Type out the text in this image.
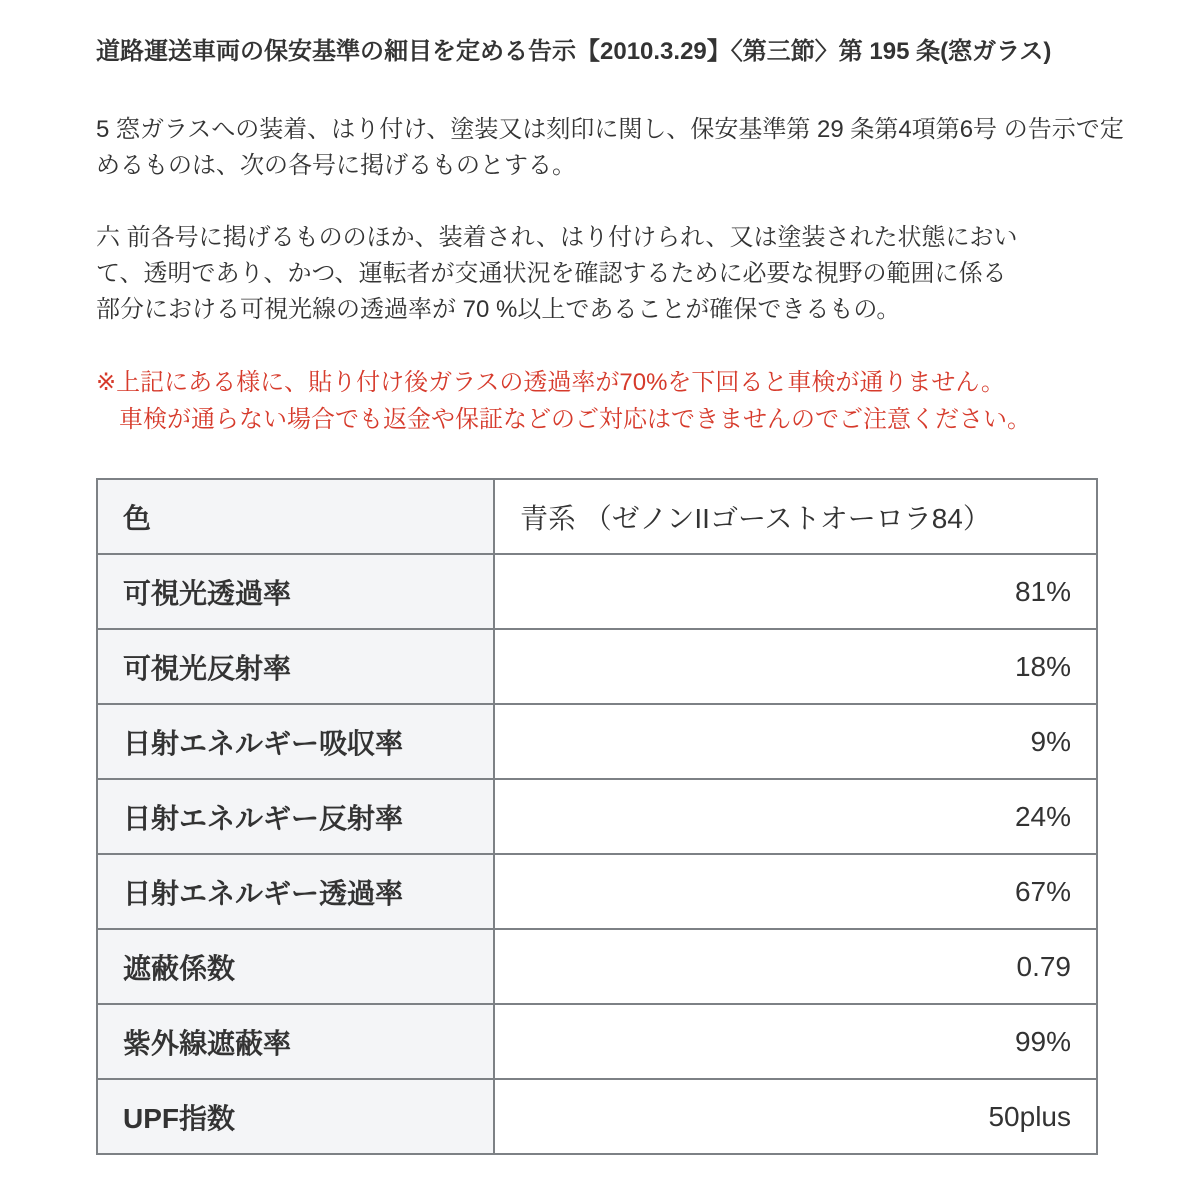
道路運送車両の保安基準の細目を定める告示【2010.3.29】〈第三節〉第 195 条(窓ガラス)
5 窓ガラスへの装着、はり付け、塗装又は刻印に関し、保安基準第 29 条第4項第6号 の告示で定
めるものは、次の各号に掲げるものとする。
六 前各号に掲げるもののほか、装着され、はり付けられ、又は塗装された状態におい
て、透明であり、かつ、運転者が交通状況を確認するために必要な視野の範囲に係る
部分における可視光線の透過率が 70 %以上であることが確保できるもの。
※上記にある様に、貼り付け後ガラスの透過率が70%を下回ると車検が通りません。
車検が通らない場合でも返金や保証などのご対応はできませんのでご注意ください。
色	青系 （ゼノンIIゴーストオーロラ84）
可視光透過率	81%
可視光反射率	18%
日射エネルギー吸収率	9%
日射エネルギー反射率	24%
日射エネルギー透過率	67%
遮蔽係数	0.79
紫外線遮蔽率	99%
UPF指数	50plus
